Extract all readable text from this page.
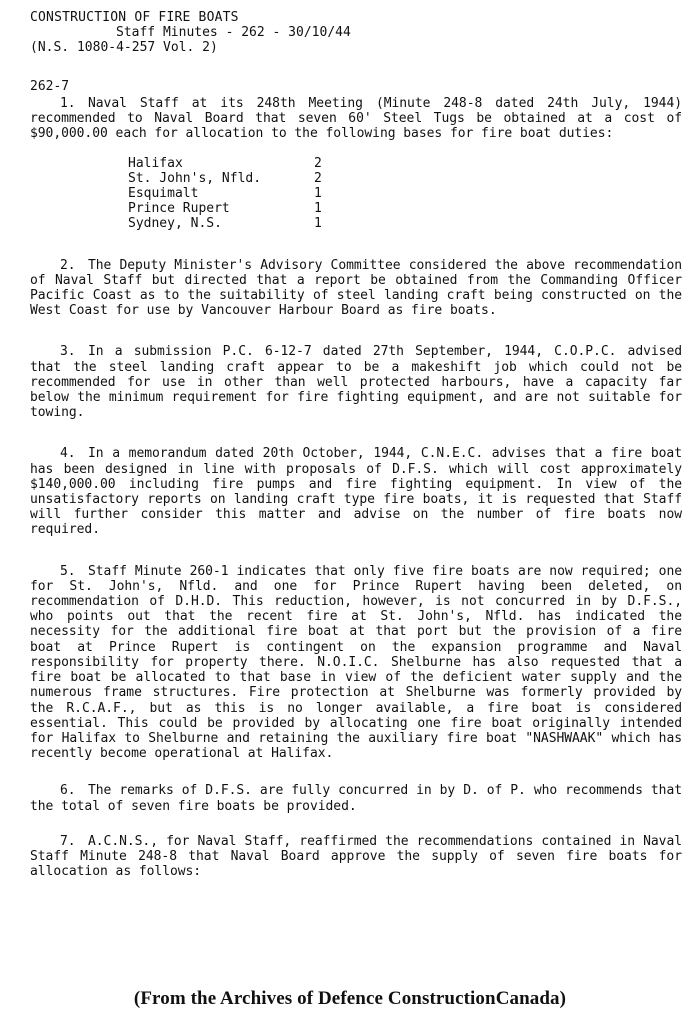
CONSTRUCTION OF FIRE BOATS
Staff Minutes - 262 - 30/10/44
(N.S. 1080-4-257 Vol. 2)
262-7

1. Naval Staff at its 248th Meeting (Minute 248-8 dated 24th July, 1944) recommended to Naval Board that seven 60' Steel Tugs be obtained at a cost of $90,000.00 each for allocation to the following bases for fire boat duties:

Halifax	2
St. John's, Nfld.	2
Esquimalt	1
Prince Rupert	1
Sydney, N.S.	1

2. The Deputy Minister's Advisory Committee considered the above recommendation of Naval Staff but directed that a report be obtained from the Commanding Officer Pacific Coast as to the suitability of steel landing craft being constructed on the West Coast for use by Vancouver Harbour Board as fire boats.

3. In a submission P.C. 6-12-7 dated 27th September, 1944, C.O.P.C. advised that the steel landing craft appear to be a makeshift job which could not be recommended for use in other than well protected harbours, have a capacity far below the minimum requirement for fire fighting equipment, and are not suitable for towing.

4. In a memorandum dated 20th October, 1944, C.N.E.C. advises that a fire boat has been designed in line with proposals of D.F.S. which will cost approximately $140,000.00 including fire pumps and fire fighting equipment. In view of the unsatisfactory reports on landing craft type fire boats, it is requested that Staff will further consider this matter and advise on the number of fire boats now required.

5. Staff Minute 260-1 indicates that only five fire boats are now required; one for St. John's, Nfld. and one for Prince Rupert having been deleted, on recommendation of D.H.D. This reduction, however, is not concurred in by D.F.S., who points out that the recent fire at St. John's, Nfld. has indicated the necessity for the additional fire boat at that port but the provision of a fire boat at Prince Rupert is contingent on the expansion programme and Naval responsibility for property there. N.O.I.C. Shelburne has also requested that a fire boat be allocated to that base in view of the deficient water supply and the numerous frame structures. Fire protection at Shelburne was formerly provided by the R.C.A.F., but as this is no longer available, a fire boat is considered essential. This could be provided by allocating one fire boat originally intended for Halifax to Shelburne and retaining the auxiliary fire boat "NASHWAAK" which has recently become operational at Halifax.

6. The remarks of D.F.S. are fully concurred in by D. of P. who recommends that the total of seven fire boats be provided.

7. A.C.N.S., for Naval Staff, reaffirmed the recommendations contained in Naval Staff Minute 248-8 that Naval Board approve the supply of seven fire boats for allocation as follows:

(From the Archives of Defence ConstructionCanada)
